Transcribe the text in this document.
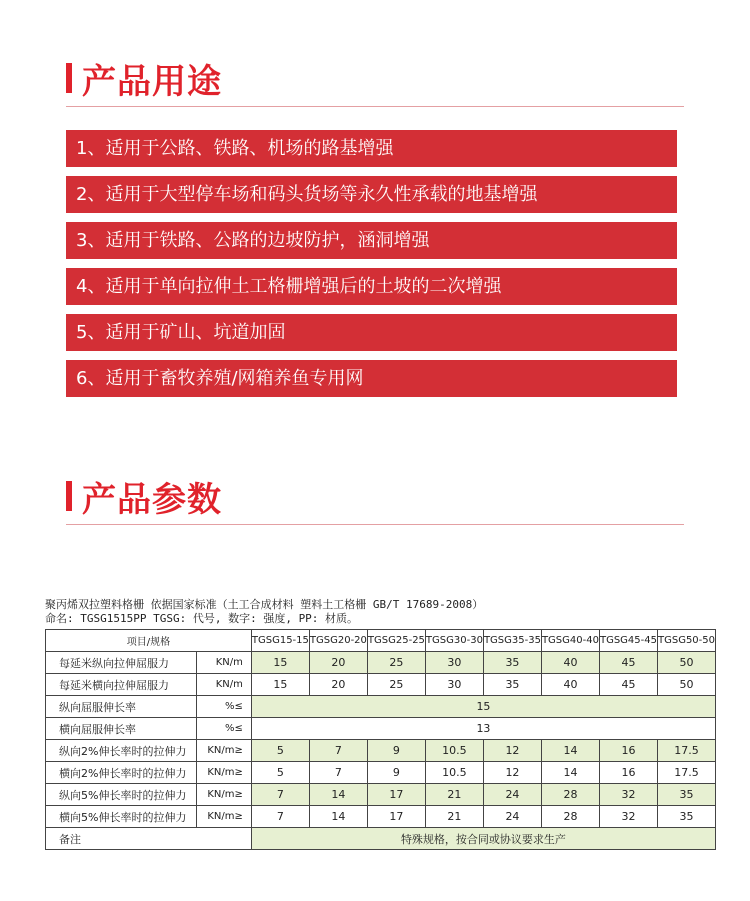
产品用途
1、适用于公路、铁路、机场的路基增强
2、适用于大型停车场和码头货场等永久性承载的地基增强
3、适用于铁路、公路的边坡防护，涵洞增强
4、适用于单向拉伸土工格栅增强后的土坡的二次增强
5、适用于矿山、坑道加固
6、适用于畜牧养殖/网箱养鱼专用网
产品参数
聚丙烯双拉塑料格栅 依据国家标准（土工合成材料 塑料土工格栅 GB/T 17689-2008）
命名: TGSG1515PP TGSG: 代号, 数字: 强度, PP: 材质。
项目/规格		TGSG15-15	TGSG20-20	TGSG25-25	TGSG30-30	TGSG35-35	TGSG40-40	TGSG45-45	TGSG50-50
每延米纵向拉伸屈服力	KN/m	15	20	25	30	35	40	45	50
每延米横向拉伸屈服力	KN/m	15	20	25	30	35	40	45	50
纵向屈服伸长率	%≤	15							
横向屈服伸长率	%≤	13							
纵向2%伸长率时的拉伸力	KN/m≥	5	7	9	10.5	12	14	16	17.5
横向2%伸长率时的拉伸力	KN/m≥	5	7	9	10.5	12	14	16	17.5
纵向5%伸长率时的拉伸力	KN/m≥	7	14	17	21	24	28	32	35
横向5%伸长率时的拉伸力	KN/m≥	7	14	17	21	24	28	32	35
备注		特殊规格，按合同或协议要求生产							
